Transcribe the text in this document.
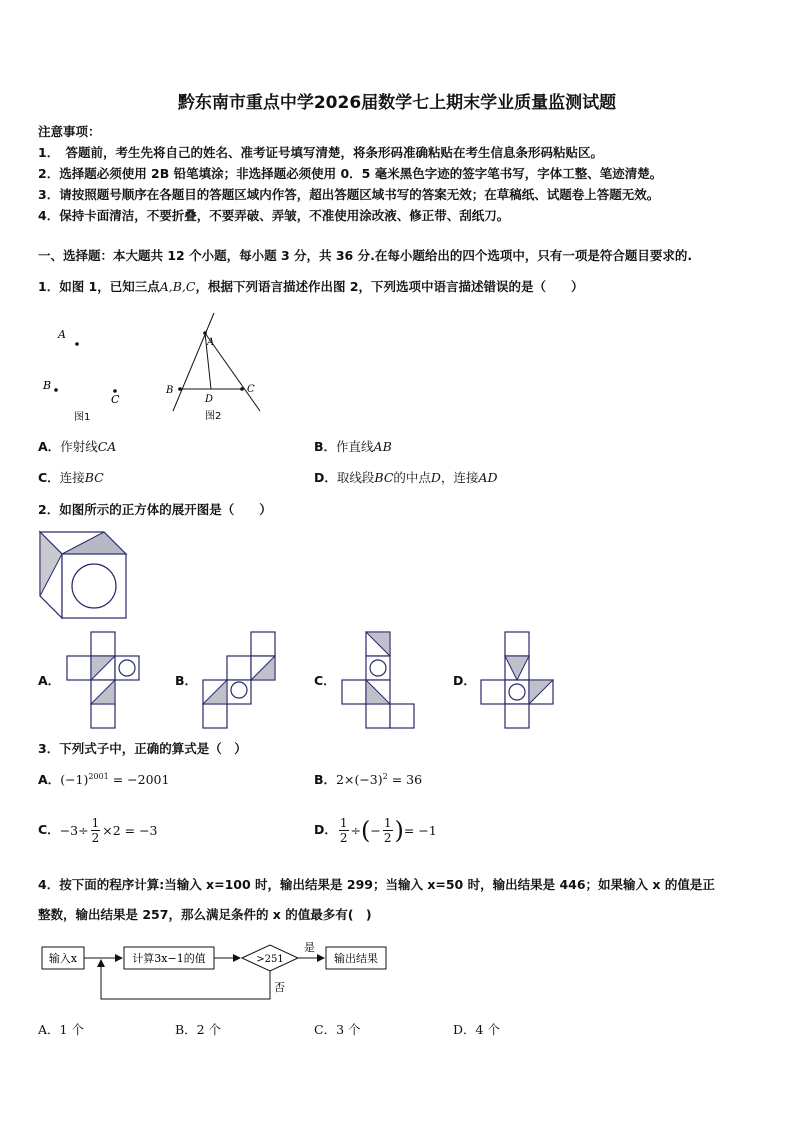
黔东南市重点中学2026届数学七上期末学业质量监测试题
注意事项：
1．　答题前，考生先将自己的姓名、准考证号填写清楚，将条形码准确粘贴在考生信息条形码粘贴区。
2．选择题必须使用 2B 铅笔填涂；非选择题必须使用 0．5 毫米黑色字迹的签字笔书写，字体工整、笔迹清楚。
3．请按照题号顺序在各题目的答题区域内作答，超出答题区域书写的答案无效；在草稿纸、试题卷上答题无效。
4．保持卡面清洁，不要折叠，不要弄破、弄皱，不准使用涂改液、修正带、刮纸刀。
一、选择题：本大题共 12 个小题，每小题 3 分，共 36 分.在每小题给出的四个选项中，只有一项是符合题目要求的.
1．如图 1，已知三点A,B,C，根据下列语言描述作出图 2，下列选项中语言描述错误的是（　　）
A
B
C
图1
A
B	C
D
图2
A．作射线CA	B．作直线AB
C．连接BC	D．取线段BC的中点D，连接AD
2．如图所示的正方体的展开图是（　　）
A．	B．	C．	D．
3．下列式子中，正确的算式是（　）
A．$(-1)^{2001} = -2001$	B．$2\times(-3)^2 = 36$
C．$-3\div \frac{1}{2} \times 2 = -3$	D． $\frac{1}{2}$ ÷(− $\frac{1}{2}$ )= −1
4．按下面的程序计算:当输入 x=100 时，输出结果是 299；当输入 x=50 时，输出结果是 446；如果输入 x 的值是正
整数，输出结果是 257，那么满足条件的 x 的值最多有(　)
输入x	计算3x−1的值	>251
是
输出结果
否
A．1 个	B．2 个	C．3 个	D．4 个
